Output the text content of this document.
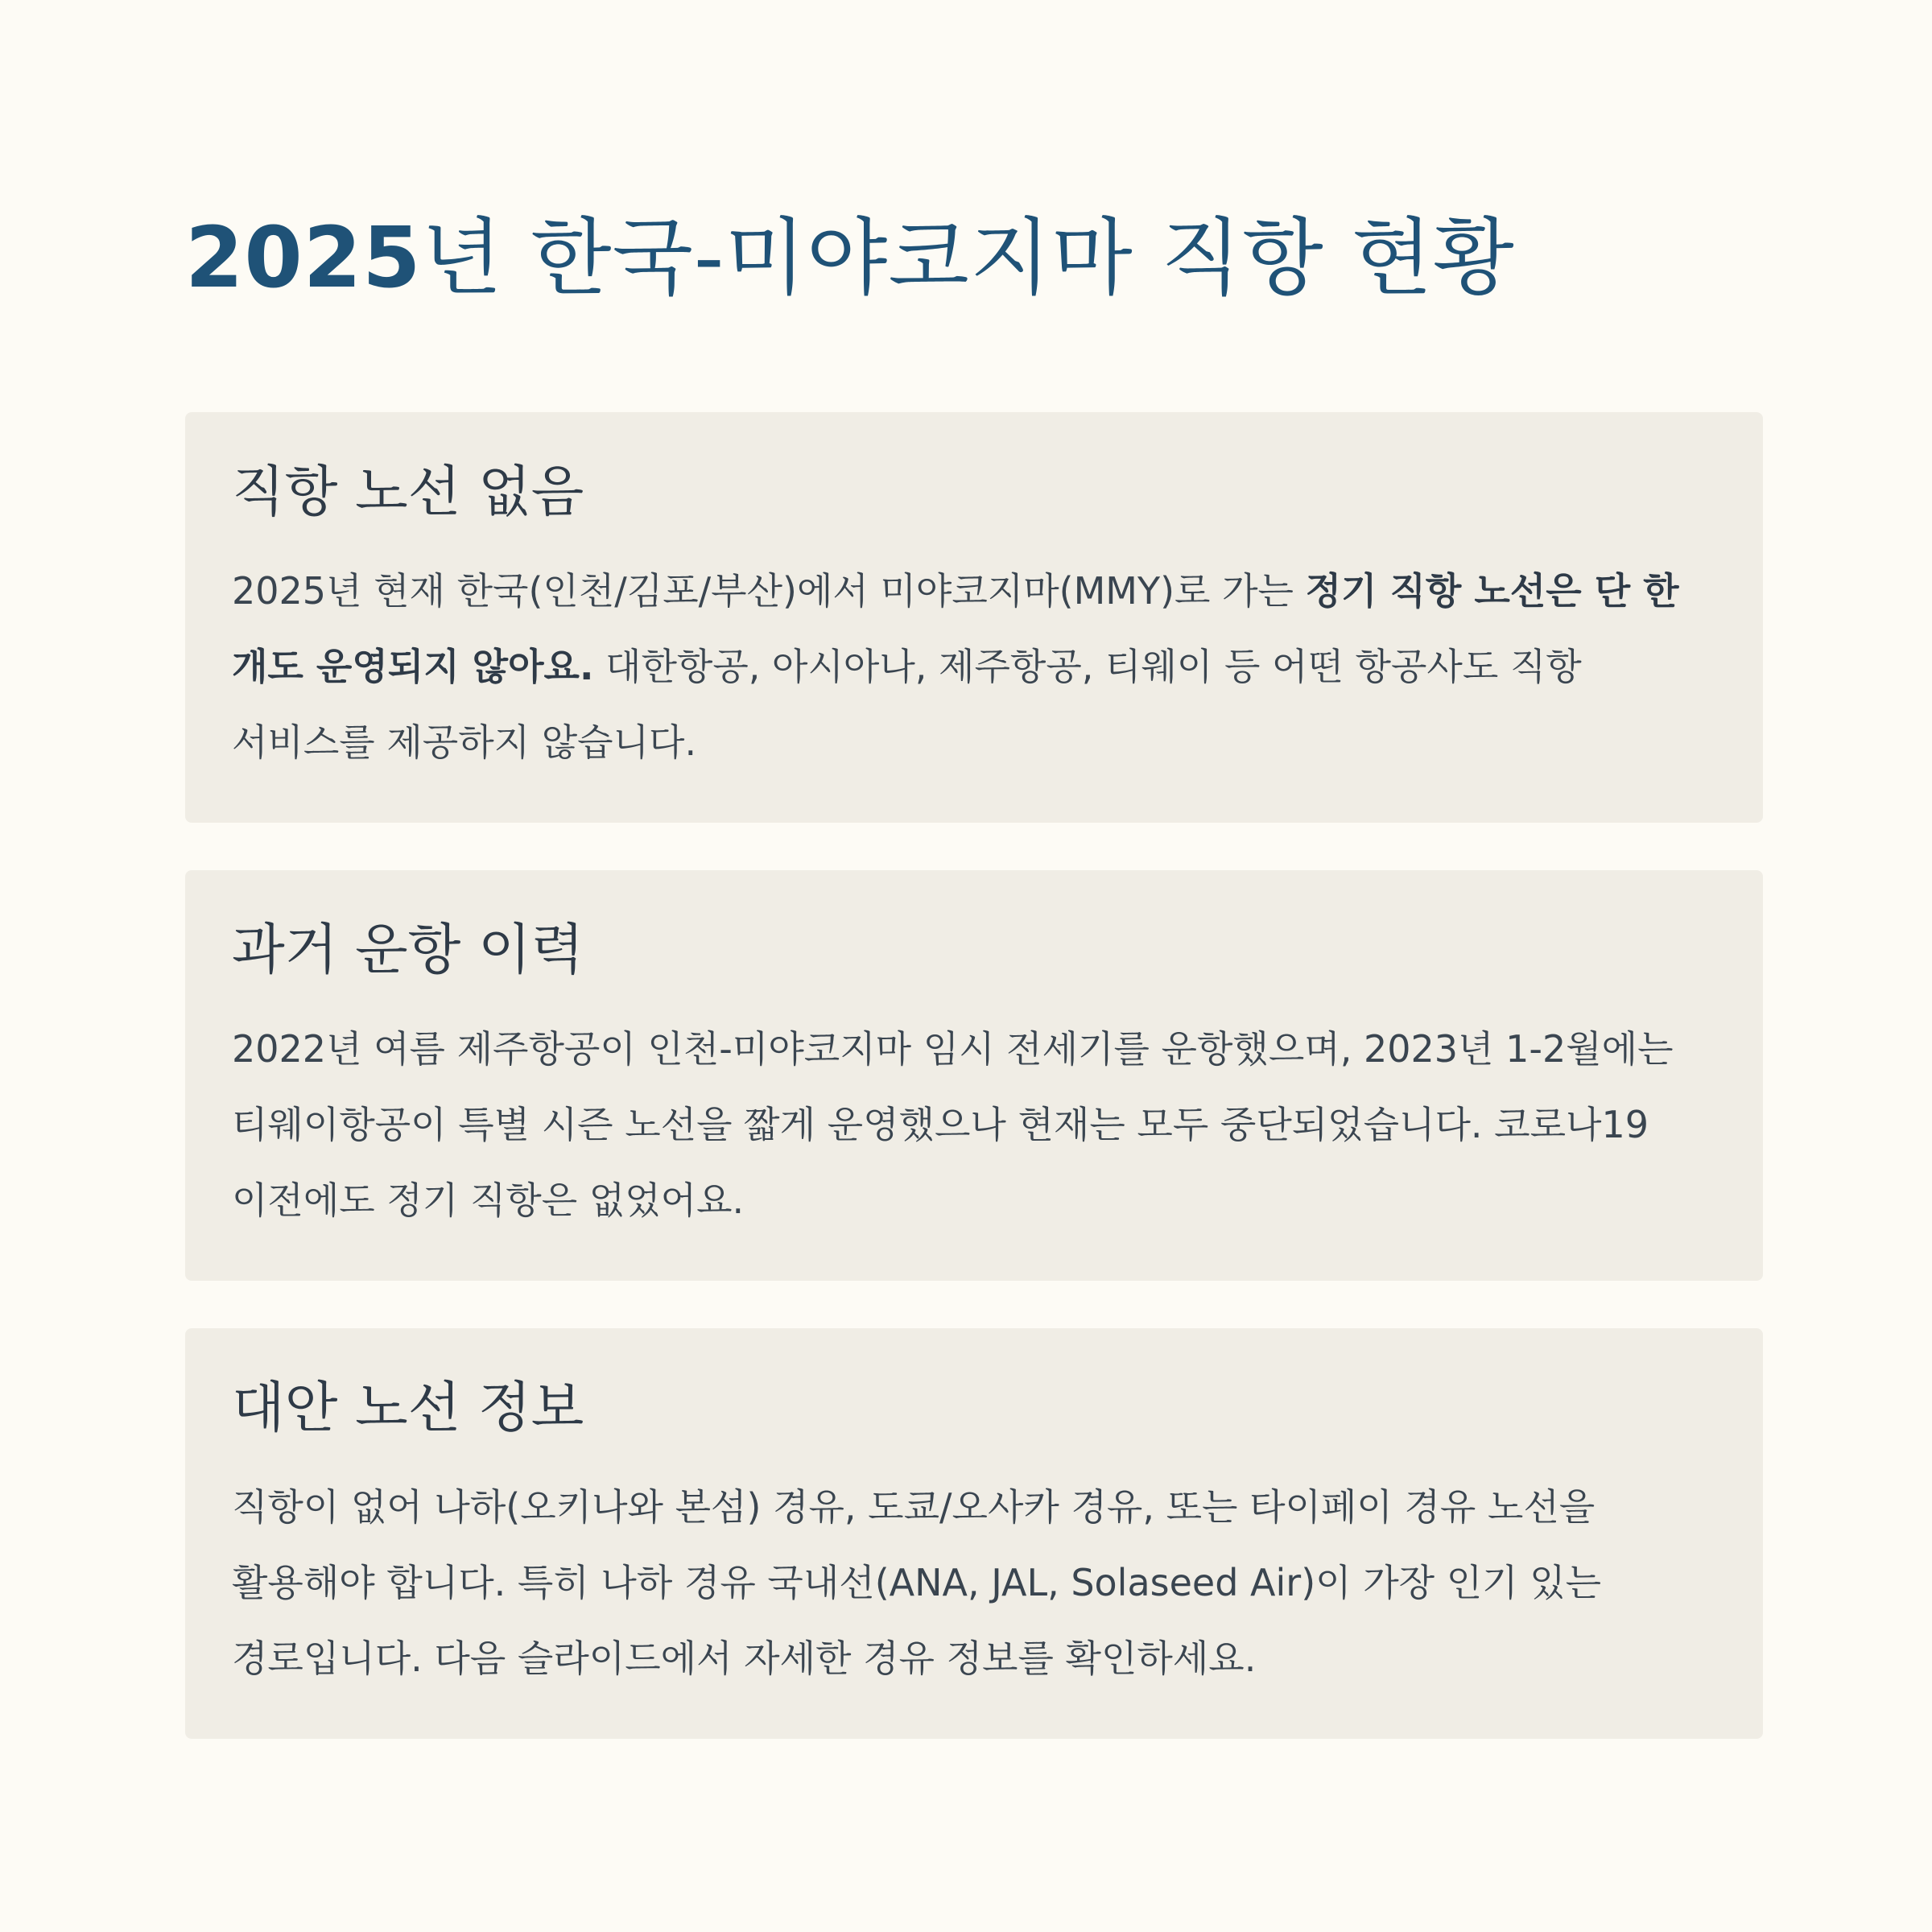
2025년 한국-미야코지마 직항 현황
직항 노선 없음

2025년 현재 한국(인천/김포/부산)에서 미야코지마(MMY)로 가는 정기 직항 노선은 단 한 개도 운영되지 않아요. 대한항공, 아시아나, 제주항공, 티웨이 등 어떤 항공사도 직항 서비스를 제공하지 않습니다.

과거 운항 이력

2022년 여름 제주항공이 인천-미야코지마 임시 전세기를 운항했으며, 2023년 1-2월에는 티웨이항공이 특별 시즌 노선을 짧게 운영했으나 현재는 모두 중단되었습니다. 코로나19 이전에도 정기 직항은 없었어요.

대안 노선 정보

직항이 없어 나하(오키나와 본섬) 경유, 도쿄/오사카 경유, 또는 타이페이 경유 노선을 활용해야 합니다. 특히 나하 경유 국내선(ANA, JAL, Solaseed Air)이 가장 인기 있는 경로입니다. 다음 슬라이드에서 자세한 경유 정보를 확인하세요.
